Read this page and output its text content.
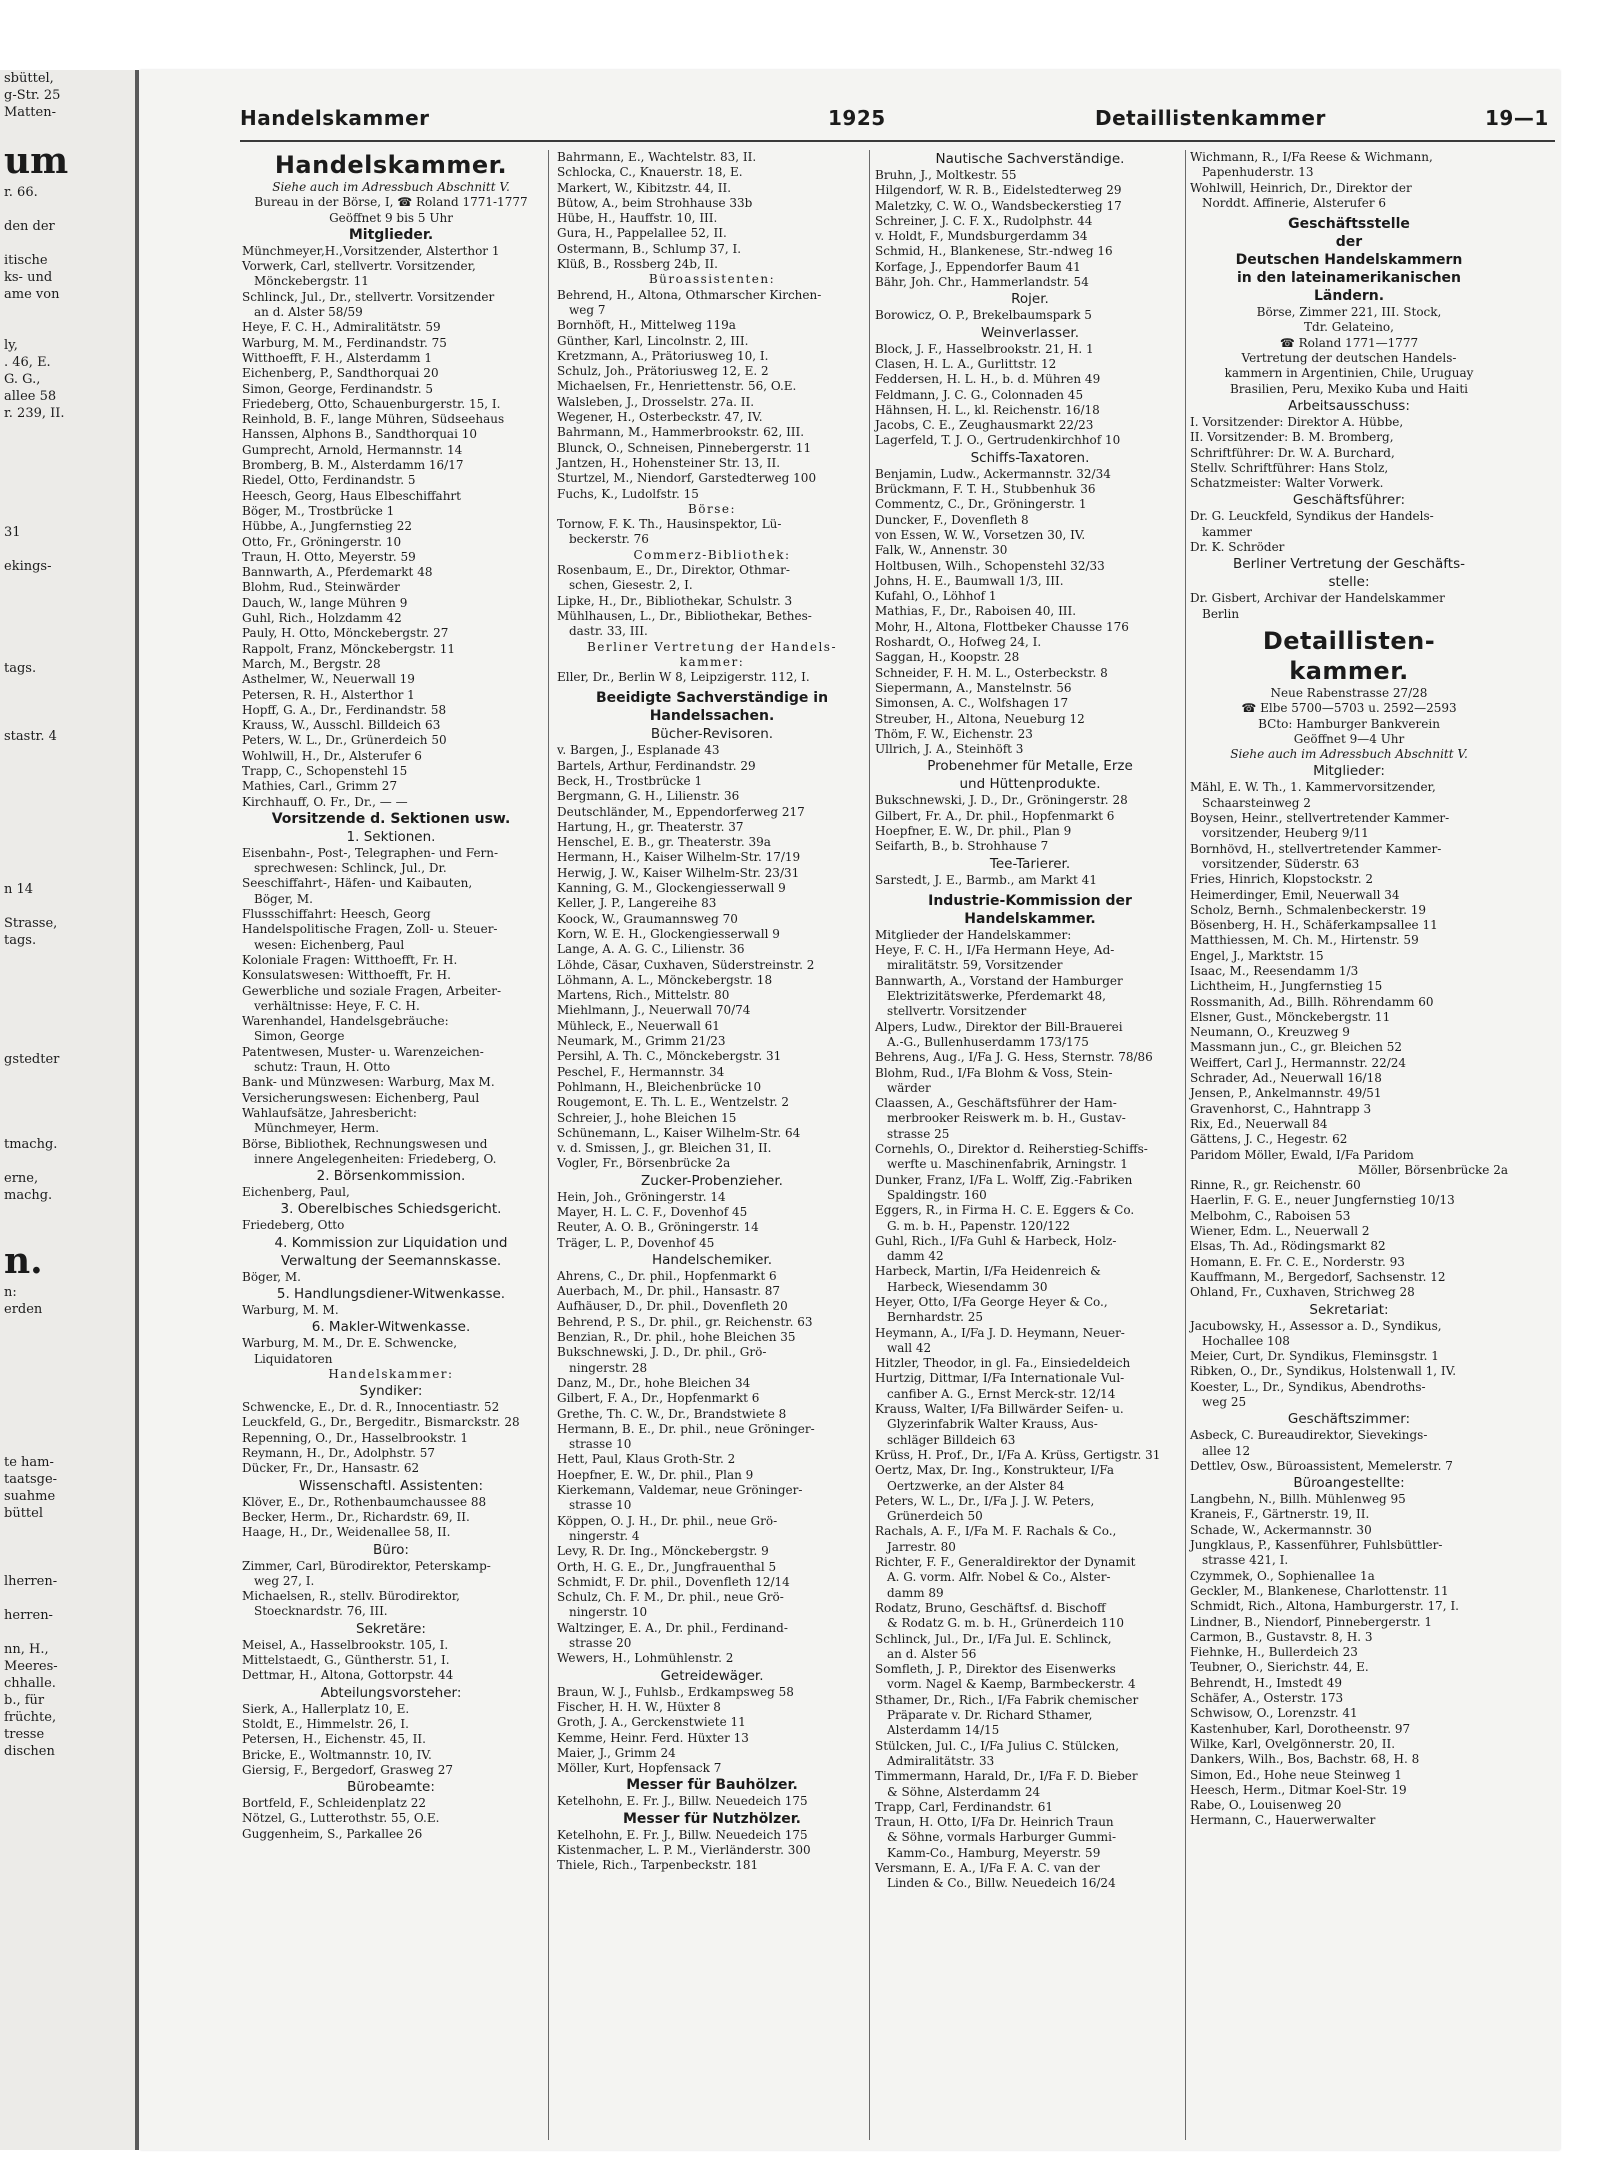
sbüttel,
g-Str. 25
Matten-

um
r. 66.

den der

itische
ks- und
ame von

ly,
. 46, E.
G. G.,
allee 58
r. 239, II.

31

ekings-

tags.

stastr. 4

n 14

Strasse,
tags.

gstedter

tmachg.

erne,
machg.

n.
n:
erden

te ham-
taatsge-
suahme
büttel

lherren-

herren-

nn, H.,
Meeres-
chhalle.
b., für
früchte,
tresse
dischen
Handelskammer	1925	Detaillistenkammer	19—1
Handelskammer.
Siehe auch im Adressbuch Abschnitt V.
Bureau in der Börse, I, ☎ Roland 1771-1777
Geöffnet 9 bis 5 Uhr
Mitglieder.
Münchmeyer,H.,Vorsitzender, Alsterthor 1
Vorwerk, Carl, stellvertr. Vorsitzender,
Mönckebergstr. 11
Schlinck, Jul., Dr., stellvertr. Vorsitzender
an d. Alster 58/59
Heye, F. C. H., Admiralitätstr. 59
Warburg, M. M., Ferdinandstr. 75
Witthoefft, F. H., Alsterdamm 1
Eichenberg, P., Sandthorquai 20
Simon, George, Ferdinandstr. 5
Friedeberg, Otto, Schauenburgerstr. 15, I.
Reinhold, B. F., lange Mühren, Südseehaus
Hanssen, Alphons B., Sandthorquai 10
Gumprecht, Arnold, Hermannstr. 14
Bromberg, B. M., Alsterdamm 16/17
Riedel, Otto, Ferdinandstr. 5
Heesch, Georg, Haus Elbeschiffahrt
Böger, M., Trostbrücke 1
Hübbe, A., Jungfernstieg 22
Otto, Fr., Gröningerstr. 10
Traun, H. Otto, Meyerstr. 59
Bannwarth, A., Pferdemarkt 48
Blohm, Rud., Steinwärder
Dauch, W., lange Mühren 9
Guhl, Rich., Holzdamm 42
Pauly, H. Otto, Mönckebergstr. 27
Rappolt, Franz, Mönckebergstr. 11
March, M., Bergstr. 28
Asthelmer, W., Neuerwall 19
Petersen, R. H., Alsterthor 1
Hopff, G. A., Dr., Ferdinandstr. 58
Krauss, W., Ausschl. Billdeich 63
Peters, W. L., Dr., Grünerdeich 50
Wohlwill, H., Dr., Alsterufer 6
Trapp, C., Schopenstehl 15
Mathies, Carl., Grimm 27
Kirchhauff, O. Fr., Dr., — —
Vorsitzende d. Sektionen usw.
1. Sektionen.
Eisenbahn-, Post-, Telegraphen- und Fern-
sprechwesen: Schlinck, Jul., Dr.
Seeschiffahrt-, Häfen- und Kaibauten,
Böger, M.
Flussschiffahrt: Heesch, Georg
Handelspolitische Fragen, Zoll- u. Steuer-
wesen: Eichenberg, Paul
Koloniale Fragen: Witthoefft, Fr. H.
Konsulatswesen: Witthoefft, Fr. H.
Gewerbliche und soziale Fragen, Arbeiter-
verhältnisse: Heye, F. C. H.
Warenhandel, Handelsgebräuche:
Simon, George
Patentwesen, Muster- u. Warenzeichen-
schutz: Traun, H. Otto
Bank- und Münzwesen: Warburg, Max M.
Versicherungswesen: Eichenberg, Paul
Wahlaufsätze, Jahresbericht:
Münchmeyer, Herm.
Börse, Bibliothek, Rechnungswesen und
innere Angelegenheiten: Friedeberg, O.
2. Börsenkommission.
Eichenberg, Paul,
3. Oberelbisches Schiedsgericht.
Friedeberg, Otto
4. Kommission zur Liquidation und
Verwaltung der Seemannskasse.
Böger, M.
5. Handlungsdiener-Witwenkasse.
Warburg, M. M.
6. Makler-Witwenkasse.
Warburg, M. M., Dr. E. Schwencke,
Liquidatoren
Handelskammer:
Syndiker:
Schwencke, E., Dr. d. R., Innocentiastr. 52
Leuckfeld, G., Dr., Bergeditr., Bismarckstr. 28
Repenning, O., Dr., Hasselbrookstr. 1
Reymann, H., Dr., Adolphstr. 57
Dücker, Fr., Dr., Hansastr. 62
Wissenschaftl. Assistenten:
Klöver, E., Dr., Rothenbaumchaussee 88
Becker, Herm., Dr., Richardstr. 69, II.
Haage, H., Dr., Weidenallee 58, II.
Büro:
Zimmer, Carl, Bürodirektor, Peterskamp-
weg 27, I.
Michaelsen, R., stellv. Bürodirektor,
Stoecknardstr. 76, III.
Sekretäre:
Meisel, A., Hasselbrookstr. 105, I.
Mittelstaedt, G., Güntherstr. 51, I.
Dettmar, H., Altona, Gottorpstr. 44
Abteilungsvorsteher:
Sierk, A., Hallerplatz 10, E.
Stoldt, E., Himmelstr. 26, I.
Petersen, H., Eichenstr. 45, II.
Bricke, E., Woltmannstr. 10, IV.
Giersig, F., Bergedorf, Grasweg 27
Bürobeamte:
Bortfeld, F., Schleidenplatz 22
Nötzel, G., Lutterothstr. 55, O.E.
Guggenheim, S., Parkallee 26
Bahrmann, E., Wachtelstr. 83, II.
Schlocka, C., Knauerstr. 18, E.
Markert, W., Kibitzstr. 44, II.
Bütow, A., beim Strohhause 33b
Hübe, H., Hauffstr. 10, III.
Gura, H., Pappelallee 52, II.
Ostermann, B., Schlump 37, I.
Klüß, B., Rossberg 24b, II.
Büroassistenten:
Behrend, H., Altona, Othmarscher Kirchen-
weg 7
Bornhöft, H., Mittelweg 119a
Günther, Karl, Lincolnstr. 2, III.
Kretzmann, A., Prätoriusweg 10, I.
Schulz, Joh., Prätoriusweg 12, E. 2
Michaelsen, Fr., Henriettenstr. 56, O.E.
Walsleben, J., Drosselstr. 27a. II.
Wegener, H., Osterbeckstr. 47, IV.
Bahrmann, M., Hammerbrookstr. 62, III.
Blunck, O., Schneisen, Pinnebergerstr. 11
Jantzen, H., Hohensteiner Str. 13, II.
Sturtzel, M., Niendorf, Garstedterweg 100
Fuchs, K., Ludolfstr. 15
Börse:
Tornow, F. K. Th., Hausinspektor, Lü-
beckerstr. 76
Commerz-Bibliothek:
Rosenbaum, E., Dr., Direktor, Othmar-
schen, Giesestr. 2, I.
Lipke, H., Dr., Bibliothekar, Schulstr. 3
Mühlhausen, L., Dr., Bibliothekar, Bethes-
dastr. 33, III.
Berliner Vertretung der Handels-
kammer:
Eller, Dr., Berlin W 8, Leipzigerstr. 112, I.
Beeidigte Sachverständige in
Handelssachen.
Bücher-Revisoren.
v. Bargen, J., Esplanade 43
Bartels, Arthur, Ferdinandstr. 29
Beck, H., Trostbrücke 1
Bergmann, G. H., Lilienstr. 36
Deutschländer, M., Eppendorferweg 217
Hartung, H., gr. Theaterstr. 37
Henschel, E. B., gr. Theaterstr. 39a
Hermann, H., Kaiser Wilhelm-Str. 17/19
Herwig, J. W., Kaiser Wilhelm-Str. 23/31
Kanning, G. M., Glockengiesserwall 9
Keller, J. P., Langereihe 83
Koock, W., Graumannsweg 70
Korn, W. E. H., Glockengiesserwall 9
Lange, A. A. G. C., Lilienstr. 36
Löhde, Cäsar, Cuxhaven, Süderstreinstr. 2
Löhmann, A. L., Mönckebergstr. 18
Martens, Rich., Mittelstr. 80
Miehlmann, J., Neuerwall 70/74
Mühleck, E., Neuerwall 61
Neumark, M., Grimm 21/23
Persihl, A. Th. C., Mönckebergstr. 31
Peschel, F., Hermannstr. 34
Pohlmann, H., Bleichenbrücke 10
Rougemont, E. Th. L. E., Wentzelstr. 2
Schreier, J., hohe Bleichen 15
Schünemann, L., Kaiser Wilhelm-Str. 64
v. d. Smissen, J., gr. Bleichen 31, II.
Vogler, Fr., Börsenbrücke 2a
Zucker-Probenzieher.
Hein, Joh., Gröningerstr. 14
Mayer, H. L. C. F., Dovenhof 45
Reuter, A. O. B., Gröningerstr. 14
Träger, L. P., Dovenhof 45
Handelschemiker.
Ahrens, C., Dr. phil., Hopfenmarkt 6
Auerbach, M., Dr. phil., Hansastr. 87
Aufhäuser, D., Dr. phil., Dovenfleth 20
Behrend, P. S., Dr. phil., gr. Reichenstr. 63
Benzian, R., Dr. phil., hohe Bleichen 35
Bukschnewski, J. D., Dr. phil., Grö-
ningerstr. 28
Danz, M., Dr., hohe Bleichen 34
Gilbert, F. A., Dr., Hopfenmarkt 6
Grethe, Th. C. W., Dr., Brandstwiete 8
Hermann, B. E., Dr. phil., neue Gröninger-
strasse 10
Hett, Paul, Klaus Groth-Str. 2
Hoepfner, E. W., Dr. phil., Plan 9
Kierkemann, Valdemar, neue Gröninger-
strasse 10
Köppen, O. J. H., Dr. phil., neue Grö-
ningerstr. 4
Levy, R. Dr. Ing., Mönckebergstr. 9
Orth, H. G. E., Dr., Jungfrauenthal 5
Schmidt, F. Dr. phil., Dovenfleth 12/14
Schulz, Ch. F. M., Dr. phil., neue Grö-
ningerstr. 10
Waltzinger, E. A., Dr. phil., Ferdinand-
strasse 20
Wewers, H., Lohmühlenstr. 2
Getreidewäger.
Braun, W. J., Fuhlsb., Erdkampsweg 58
Fischer, H. H. W., Hüxter 8
Groth, J. A., Gerckenstwiete 11
Kemme, Heinr. Ferd. Hüxter 13
Maier, J., Grimm 24
Möller, Kurt, Hopfensack 7
Messer für Bauhölzer.
Ketelhohn, E. Fr. J., Billw. Neuedeich 175
Messer für Nutzhölzer.
Ketelhohn, E. Fr. J., Billw. Neuedeich 175
Kistenmacher, L. P. M., Vierländerstr. 300
Thiele, Rich., Tarpenbeckstr. 181
Nautische Sachverständige.
Bruhn, J., Moltkestr. 55
Hilgendorf, W. R. B., Eidelstedterweg 29
Maletzky, C. W. O., Wandsbeckerstieg 17
Schreiner, J. C. F. X., Rudolphstr. 44
v. Holdt, F., Mundsburgerdamm 34
Schmid, H., Blankenese, Str.-ndweg 16
Korfage, J., Eppendorfer Baum 41
Bähr, Joh. Chr., Hammerlandstr. 54
Rojer.
Borowicz, O. P., Brekelbaumspark 5
Weinverlasser.
Block, J. F., Hasselbrookstr. 21, H. 1
Clasen, H. L. A., Gurlittstr. 12
Feddersen, H. L. H., b. d. Mühren 49
Feldmann, J. C. G., Colonnaden 45
Hähnsen, H. L., kl. Reichenstr. 16/18
Jacobs, C. E., Zeughausmarkt 22/23
Lagerfeld, T. J. O., Gertrudenkirchhof 10
Schiffs-Taxatoren.
Benjamin, Ludw., Ackermannstr. 32/34
Brückmann, F. T. H., Stubbenhuk 36
Commentz, C., Dr., Gröningerstr. 1
Duncker, F., Dovenfleth 8
von Essen, W. W., Vorsetzen 30, IV.
Falk, W., Annenstr. 30
Holtbusen, Wilh., Schopenstehl 32/33
Johns, H. E., Baumwall 1/3, III.
Kufahl, O., Löhhof 1
Mathias, F., Dr., Raboisen 40, III.
Mohr, H., Altona, Flottbeker Chausse 176
Roshardt, O., Hofweg 24, I.
Saggan, H., Koopstr. 28
Schneider, F. H. M. L., Osterbeckstr. 8
Siepermann, A., Manstelnstr. 56
Simonsen, A. C., Wolfshagen 17
Streuber, H., Altona, Neueburg 12
Thöm, F. W., Eichenstr. 23
Ullrich, J. A., Steinhöft 3
Probenehmer für Metalle, Erze
und Hüttenprodukte.
Bukschnewski, J. D., Dr., Gröningerstr. 28
Gilbert, Fr. A., Dr. phil., Hopfenmarkt 6
Hoepfner, E. W., Dr. phil., Plan 9
Seifarth, B., b. Strohhause 7
Tee-Tarierer.
Sarstedt, J. E., Barmb., am Markt 41
Industrie-Kommission der
Handelskammer.
Mitglieder der Handelskammer:
Heye, F. C. H., I/Fa Hermann Heye, Ad-
miralitätstr. 59, Vorsitzender
Bannwarth, A., Vorstand der Hamburger
Elektrizitätswerke, Pferdemarkt 48,
stellvertr. Vorsitzender
Alpers, Ludw., Direktor der Bill-Brauerei
A.-G., Bullenhuserdamm 173/175
Behrens, Aug., I/Fa J. G. Hess, Sternstr. 78/86
Blohm, Rud., I/Fa Blohm & Voss, Stein-
wärder
Claassen, A., Geschäftsführer der Ham-
merbrooker Reiswerk m. b. H., Gustav-
strasse 25
Cornehls, O., Direktor d. Reiherstieg-Schiffs-
werfte u. Maschinenfabrik, Arningstr. 1
Dunker, Franz, I/Fa L. Wolff, Zig.-Fabriken
Spaldingstr. 160
Eggers, R., in Firma H. C. E. Eggers & Co.
G. m. b. H., Papenstr. 120/122
Guhl, Rich., I/Fa Guhl & Harbeck, Holz-
damm 42
Harbeck, Martin, I/Fa Heidenreich &
Harbeck, Wiesendamm 30
Heyer, Otto, I/Fa George Heyer & Co.,
Bernhardstr. 25
Heymann, A., I/Fa J. D. Heymann, Neuer-
wall 42
Hitzler, Theodor, in gl. Fa., Einsiedeldeich
Hurtzig, Dittmar, I/Fa Internationale Vul-
canfiber A. G., Ernst Merck-str. 12/14
Krauss, Walter, I/Fa Billwärder Seifen- u.
Glyzerinfabrik Walter Krauss, Aus-
schläger Billdeich 63
Krüss, H. Prof., Dr., I/Fa A. Krüss, Gertigstr. 31
Oertz, Max, Dr. Ing., Konstrukteur, I/Fa
Oertzwerke, an der Alster 84
Peters, W. L., Dr., I/Fa J. J. W. Peters,
Grünerdeich 50
Rachals, A. F., I/Fa M. F. Rachals & Co.,
Jarrestr. 80
Richter, F. F., Generaldirektor der Dynamit
A. G. vorm. Alfr. Nobel & Co., Alster-
damm 89
Rodatz, Bruno, Geschäftsf. d. Bischoff
& Rodatz G. m. b. H., Grünerdeich 110
Schlinck, Jul., Dr., I/Fa Jul. E. Schlinck,
an d. Alster 56
Somfleth, J. P., Direktor des Eisenwerks
vorm. Nagel & Kaemp, Barmbeckerstr. 4
Sthamer, Dr., Rich., I/Fa Fabrik chemischer
Präparate v. Dr. Richard Sthamer,
Alsterdamm 14/15
Stülcken, Jul. C., I/Fa Julius C. Stülcken,
Admiralitätstr. 33
Timmermann, Harald, Dr., I/Fa F. D. Bieber
& Söhne, Alsterdamm 24
Trapp, Carl, Ferdinandstr. 61
Traun, H. Otto, I/Fa Dr. Heinrich Traun
& Söhne, vormals Harburger Gummi-
Kamm-Co., Hamburg, Meyerstr. 59
Versmann, E. A., I/Fa F. A. C. van der
Linden & Co., Billw. Neuedeich 16/24
Wichmann, R., I/Fa Reese & Wichmann,
Papenhuderstr. 13
Wohlwill, Heinrich, Dr., Direktor der
Norddt. Affinerie, Alsterufer 6
Geschäftsstelle
der
Deutschen Handelskammern
in den lateinamerikanischen
Ländern.
Börse, Zimmer 221, III. Stock,
Tdr. Gelateino,
☎ Roland 1771—1777
Vertretung der deutschen Handels-
kammern in Argentinien, Chile, Uruguay
Brasilien, Peru, Mexiko Kuba und Haiti
Arbeitsausschuss:
I. Vorsitzender: Direktor A. Hübbe,
II. Vorsitzender: B. M. Bromberg,
Schriftführer: Dr. W. A. Burchard,
Stellv. Schriftführer: Hans Stolz,
Schatzmeister: Walter Vorwerk.
Geschäftsführer:
Dr. G. Leuckfeld, Syndikus der Handels-
kammer
Dr. K. Schröder
Berliner Vertretung der Geschäfts-
stelle:
Dr. Gisbert, Archivar der Handelskammer
Berlin
Detaillisten-
kammer.
Neue Rabenstrasse 27/28
☎ Elbe 5700—5703 u. 2592—2593
BCto: Hamburger Bankverein
Geöffnet 9—4 Uhr
Siehe auch im Adressbuch Abschnitt V.
Mitglieder:
Mähl, E. W. Th., 1. Kammervorsitzender,
Schaarsteinweg 2
Boysen, Heinr., stellvertretender Kammer-
vorsitzender, Heuberg 9/11
Bornhövd, H., stellvertretender Kammer-
vorsitzender, Süderstr. 63
Fries, Hinrich, Klopstockstr. 2
Heimerdinger, Emil, Neuerwall 34
Scholz, Bernh., Schmalenbeckerstr. 19
Bösenberg, H. H., Schäferkampsallee 11
Matthiessen, M. Ch. M., Hirtenstr. 59
Engel, J., Marktstr. 15
Isaac, M., Reesendamm 1/3
Lichtheim, H., Jungfernstieg 15
Rossmanith, Ad., Billh. Röhrendamm 60
Elsner, Gust., Mönckebergstr. 11
Neumann, O., Kreuzweg 9
Massmann jun., C., gr. Bleichen 52
Weiffert, Carl J., Hermannstr. 22/24
Schrader, Ad., Neuerwall 16/18
Jensen, P., Ankelmannstr. 49/51
Gravenhorst, C., Hahntrapp 3
Rix, Ed., Neuerwall 84
Gättens, J. C., Hegestr. 62
Paridom Möller, Ewald, I/Fa Paridom
Möller, Börsenbrücke 2a
Rinne, R., gr. Reichenstr. 60
Haerlin, F. G. E., neuer Jungfernstieg 10/13
Melbohm, C., Raboisen 53
Wiener, Edm. L., Neuerwall 2
Elsas, Th. Ad., Rödingsmarkt 82
Homann, E. Fr. C. E., Norderstr. 93
Kauffmann, M., Bergedorf, Sachsenstr. 12
Ohland, Fr., Cuxhaven, Strichweg 28
Sekretariat:
Jacubowsky, H., Assessor a. D., Syndikus,
Hochallee 108
Meier, Curt, Dr. Syndikus, Fleminsgstr. 1
Ribken, O., Dr., Syndikus, Holstenwall 1, IV.
Koester, L., Dr., Syndikus, Abendroths-
weg 25
Geschäftszimmer:
Asbeck, C. Bureaudirektor, Sievekings-
allee 12
Dettlev, Osw., Büroassistent, Memelerstr. 7
Büroangestellte:
Langbehn, N., Billh. Mühlenweg 95
Kraneis, F., Gärtnerstr. 19, II.
Schade, W., Ackermannstr. 30
Jungklaus, P., Kassenführer, Fuhlsbüttler-
strasse 421, I.
Czymmek, O., Sophienallee 1a
Geckler, M., Blankenese, Charlottenstr. 11
Schmidt, Rich., Altona, Hamburgerstr. 17, I.
Lindner, B., Niendorf, Pinnebergerstr. 1
Carmon, B., Gustavstr. 8, H. 3
Fiehnke, H., Bullerdeich 23
Teubner, O., Sierichstr. 44, E.
Behrendt, H., Imstedt 49
Schäfer, A., Osterstr. 173
Schwisow, O., Lorenzstr. 41
Kastenhuber, Karl, Dorotheenstr. 97
Wilke, Karl, Ovelgönnerstr. 20, II.
Dankers, Wilh., Bos, Bachstr. 68, H. 8
Simon, Ed., Hohe neue Steinweg 1
Heesch, Herm., Ditmar Koel-Str. 19
Rabe, O., Louisenweg 20
Hermann, C., Hauerwerwalter
